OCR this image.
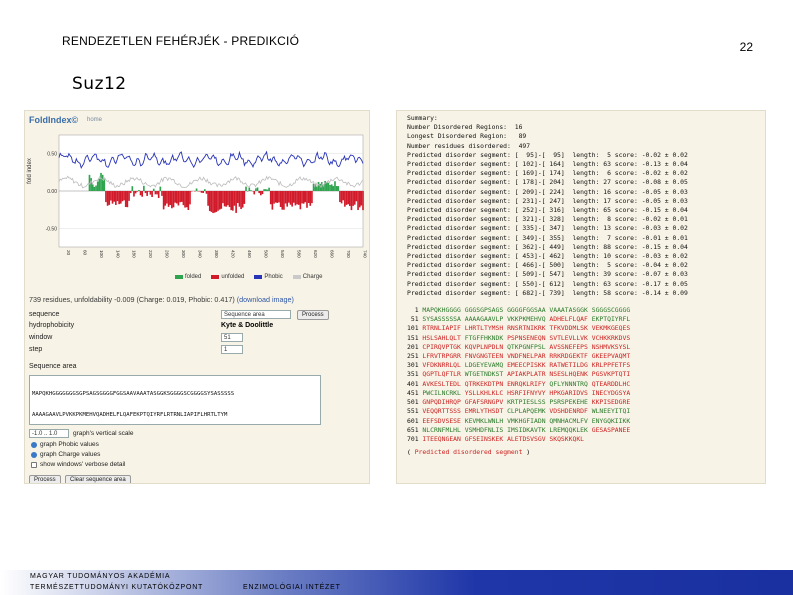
RENDEZETLEN FEHÉRJÉK - PREDIKCIÓ	22
Suz12
FoldIndex© home
fold index
0.50
0.00
-0.50
20 60 100 140 180 220 260 300 340 380 420 460 500 540 580 620 660 700 740
folded	unfolded	Phobic	Charge
739 residues, unfoldability -0.009 (Charge: 0.019, Phobic: 0.417) (download image)
sequence	Sequence area	Process
hydrophobicity	Kyte & Doolittle
window	51
step	1
Sequence area

MAPQKHGGGGGGGSGPSAGSGGGGFGGSAAVAAATASGGKSGGGGSCGGGGSYSASSSSS

AAAAGAAVLPVKKPKMEHVQADHELFLQAFEKPTQIYRFLRTRNLIAPIFLHRTLTYM

-1.0 .. 1.0	graph's vertical scale
graph Phobic values
graph Charge values
show windows' verbose detail
Process	Clear sequence area
Summary:
Number Disordered Regions:  16
Longest Disordered Region:   89
Number residues disordered:  497
Predicted disorder segment: [  95]-[  95]  length:  5 score: -0.02 ± 0.02
Predicted disorder segment: [ 102]-[ 164]  length: 63 score: -0.13 ± 0.04
Predicted disorder segment: [ 169]-[ 174]  length:  6 score: -0.02 ± 0.02
Predicted disorder segment: [ 178]-[ 204]  length: 27 score: -0.08 ± 0.05
Predicted disorder segment: [ 209]-[ 224]  length: 16 score: -0.05 ± 0.03
Predicted disorder segment: [ 231]-[ 247]  length: 17 score: -0.05 ± 0.03
Predicted disorder segment: [ 252]-[ 316]  length: 65 score: -0.15 ± 0.04
Predicted disorder segment: [ 321]-[ 328]  length:  8 score: -0.02 ± 0.01
Predicted disorder segment: [ 335]-[ 347]  length: 13 score: -0.03 ± 0.02
Predicted disorder segment: [ 349]-[ 355]  length:  7 score: -0.01 ± 0.01
Predicted disorder segment: [ 362]-[ 449]  length: 88 score: -0.15 ± 0.04
Predicted disorder segment: [ 453]-[ 462]  length: 10 score: -0.03 ± 0.02
Predicted disorder segment: [ 466]-[ 500]  length:  5 score: -0.04 ± 0.02
Predicted disorder segment: [ 509]-[ 547]  length: 39 score: -0.07 ± 0.03
Predicted disorder segment: [ 550]-[ 612]  length: 63 score: -0.17 ± 0.05
Predicted disorder segment: [ 682]-[ 739]  length: 58 score: -0.14 ± 0.09
1 MAPQKHGGGG GGGSGPSAGS GGGGFGGSAA VAAATASGGK SGGGSCGGGG
51 SYSASSSSSA AAAAGAAVLP VKKPKMEHVQ ADHELFLQAF EKPTQIYRFL
101 RTRNLIAPIF LHRTLTYMSH RNSRTNIKRK TFKVDDMLSK VEKMKGEQES
151 HSLSAHLQLT FTGFFHKNDK PSPNSENEQN SVTLEVLLVK VCHKKRKDVS
201 CPIRQVPTGK KQVPLNPDLN QTKPGNFPSL AVSSNEFEPS NSHMVKSYSL
251 LFRVTRPGRR FNVGNGTEEN VNDFNELPAR RRKRDGEKTF GKEEPVAQMT
301 VFDKNRRLQL LDGEYEVAMQ EMEECPISKK RATWETILDG KRLPPFETFS
351 QGPTLQFTLR WTGETNDKST APIAKPLATR NSESLHQENK PGSVKPTQTI
401 AVKESLTEDL QTRKEKDTPN ENRQKLRIFY QFLYNNNTRQ QTEARDDLHC
451 PWCILNCRKL YSLLKHLKLC HSRFIFNYVY HPKGARIDVS INECYDGSYA
501 GNPQDIHRQP GFAFSRNGPV KRTPIESLSS PSRSPEKEHE KKPISEDGRE
551 VEQQRTTSSS EMRLYTHSDT CLPLAPQEMK VDSHDENRDF WLNEEYITQI
601 EEFSDVSESE KEVMKLWNLH VMKHGFIADN QMNHACMLFV ENYGQKIIKK
651 NLCRNFMLHL VSMHDFNLIS IMSIDKAVTK LREMQQKLEK GESASPANEE
701 ITEEQNGEAN GFSEINSKEK ALETDSVSGV SKQSKKQKL
( Predicted disordered segment )
MAGYAR TUDOMÁNYOS AKADÉMIA
TERMÉSZETTUDOMÁNYI KUTATÓKÖZPONT	ENZIMOLÓGIAI INTÉZET
